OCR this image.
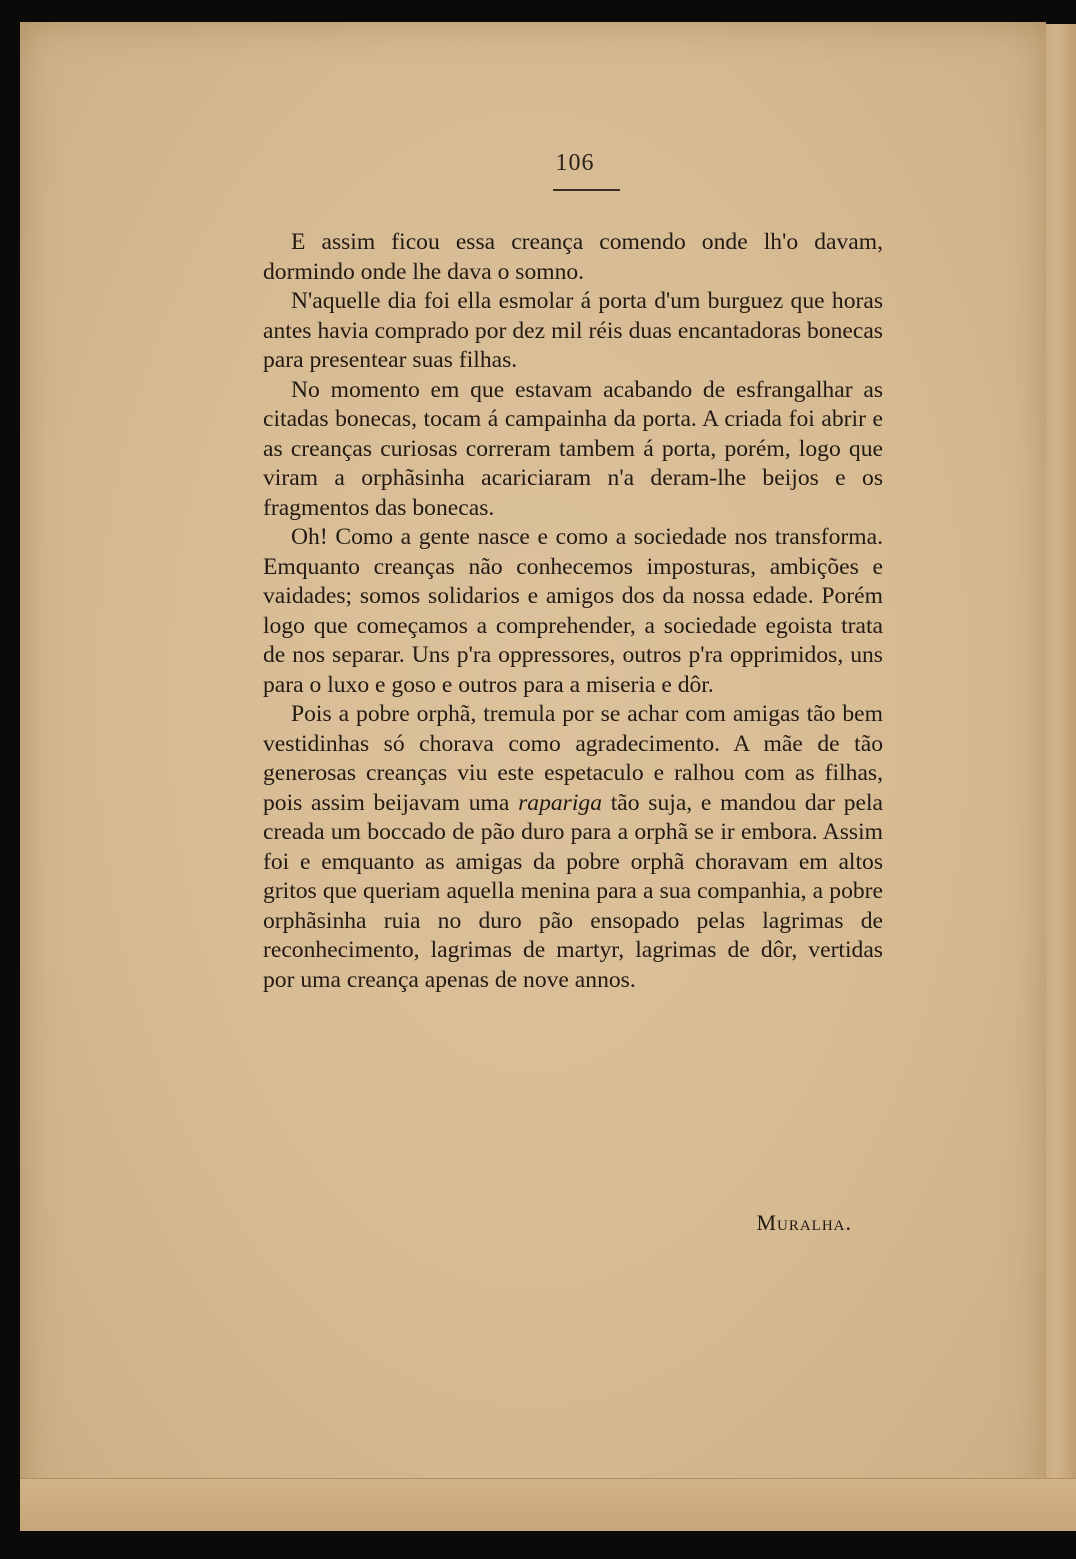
106

E assim ficou essa creança comendo onde lh'o davam, dormindo onde lhe dava o somno.

N'aquelle dia foi ella esmolar á porta d'um burguez que horas antes havia comprado por dez mil réis duas encantadoras bonecas para presentear suas filhas.

No momento em que estavam acabando de esfrangalhar as citadas bonecas, tocam á campainha da porta. A criada foi abrir e as creanças curiosas correram tambem á porta, porém, logo que viram a orphãsinha acariciaram n'a deram-lhe beijos e os fragmentos das bonecas.

Oh! Como a gente nasce e como a sociedade nos transforma. Emquanto creanças não conhecemos imposturas, ambições e vaidades; somos solidarios e amigos dos da nossa edade. Porém logo que começamos a comprehender, a sociedade egoista trata de nos separar. Uns p'ra oppressores, outros p'ra opprimidos, uns para o luxo e goso e outros para a miseria e dôr.

Pois a pobre orphã, tremula por se achar com amigas tão bem vestidinhas só chorava como agradecimento. A mãe de tão generosas creanças viu este espetaculo e ralhou com as filhas, pois assim beijavam uma rapariga tão suja, e mandou dar pela creada um boccado de pão duro para a orphã se ir embora. Assim foi e emquanto as amigas da pobre orphã choravam em altos gritos que queriam aquella menina para a sua companhia, a pobre orphãsinha ruia no duro pão ensopado pelas lagrimas de reconhecimento, lagrimas de martyr, lagrimas de dôr, vertidas por uma creança apenas de nove annos.

Muralha.
